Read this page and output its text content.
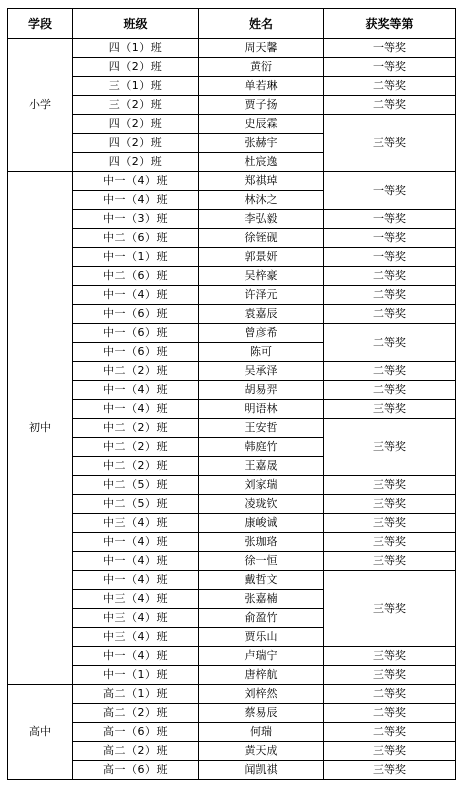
学段	班级	姓名	获奖等第
小学	四（1）班	周天馨	一等奖
	四（2）班	黄衍	一等奖
	三（1）班	单若琳	二等奖
	三（2）班	贾子扬	二等奖
	四（2）班	史辰霖	三等奖
	四（2）班	张赫宇	
	四（2）班	杜宸逸	
初中	中一（4）班	郑祺琸	一等奖
	中一（4）班	林沐之	
	中一（3）班	李弘毅	一等奖
	中二（6）班	徐铚砚	一等奖
	中一（1）班	郭景妍	一等奖
	中二（6）班	吴梓豪	二等奖
	中一（4）班	许泽元	二等奖
	中一（6）班	袁嘉辰	二等奖
	中一（6）班	曾彦希	二等奖
	中一（6）班	陈可	
	中二（2）班	吴承泽	二等奖
	中一（4）班	胡易羿	二等奖
	中一（4）班	明语林	三等奖
	中二（2）班	王安哲	三等奖
	中二（2）班	韩庭竹	
	中二（2）班	王嘉晟	
	中二（5）班	刘家瑞	三等奖
	中二（5）班	凌珑钦	三等奖
	中三（4）班	康峻诚	三等奖
	中一（4）班	张珈珞	三等奖
	中一（4）班	徐一恒	三等奖
	中一（4）班	戴哲文	三等奖
	中三（4）班	张嘉楠	
	中三（4）班	俞盈竹	
	中三（4）班	贾乐山	
	中一（4）班	卢瑞宁	三等奖
	中一（1）班	唐梓航	三等奖
高中	高二（1）班	刘梓然	二等奖
	高二（2）班	蔡易辰	二等奖
	高一（6）班	何瑞	二等奖
	高二（2）班	黄天成	三等奖
	高一（6）班	闻凯祺	三等奖
